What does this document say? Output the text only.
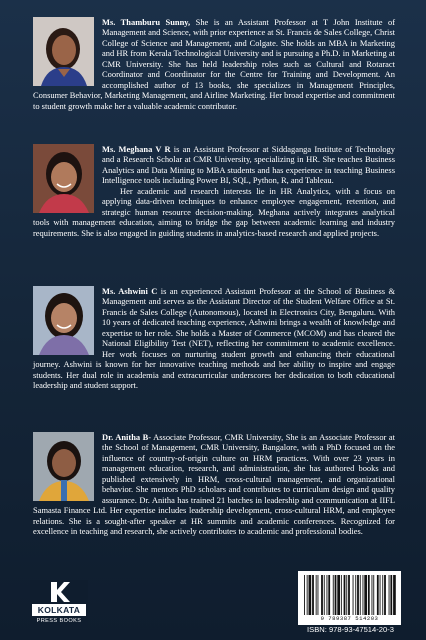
Ms. Thamburu Sunny, She is an Assistant Professor at T John Institute of Management and Science, with prior experience at St. Francis de Sales College, Christ College of Science and Management, and Colgate. She holds an MBA in Marketing and HR from Kerala Technological University and is pursuing a Ph.D. in Marketing at CMR University. She has held leadership roles such as Cultural and Rotaract Coordinator and Coordinator for the Centre for Training and Development. An accomplished author of 13 books, she specializes in Management Principles, Consumer Behavior, Marketing Management, and Airline Marketing. Her broad expertise and commitment to student growth make her a valuable academic contributor.

Ms. Meghana V R is an Assistant Professor at Siddaganga Institute of Technology and a Research Scholar at CMR University, specializing in HR. She teaches Business Analytics and Data Mining to MBA students and has experience in teaching Business Intelligence tools including Power BI, SQL, Python, R, and Tableau.

Her academic and research interests lie in HR Analytics, with a focus on applying data-driven techniques to enhance employee engagement, retention, and strategic human resource decision-making. Meghana actively integrates analytical tools with management education, aiming to bridge the gap between academic learning and industry requirements. She is also engaged in guiding students in analytics-based research and applied projects.

Ms. Ashwini C is an experienced Assistant Professor at the School of Business & Management and serves as the Assistant Director of the Student Welfare Office at St. Francis de Sales College (Autonomous), located in Electronics City, Bengaluru. With 10 years of dedicated teaching experience, Ashwini brings a wealth of knowledge and expertise to her role. She holds a Master of Commerce (MCOM) and has cleared the National Eligibility Test (NET), reflecting her commitment to academic excellence. Her work focuses on nurturing student growth and enhancing their educational journey. Ashwini is known for her innovative teaching methods and her ability to inspire and engage students. Her dual role in academia and extracurricular underscores her dedication to both educational leadership and student support.

Dr. Anitha B- Associate Professor, CMR University, She is an Associate Professor at the School of Management, CMR University, Bangalore, with a PhD focused on the influence of country-of-origin culture on HRM practices. With over 23 years in management education, research, and administration, she has authored books and published extensively in HRM, cross-cultural management, and organizational behavior. She mentors PhD scholars and contributes to curriculum design and quality assurance. Dr. Anitha has trained 21 batches in leadership and communication at IIFL Samasta Finance Ltd. Her expertise includes leadership development, cross-cultural HRM, and employee relations. She is a sought-after speaker at HR summits and academic conferences. Recognized for excellence in teaching and research, she actively contributes to academic and professional bodies.

KOLKATA
PRESS BOOKS	9 789387 514203
ISBN: 978-93-47514-20-3
